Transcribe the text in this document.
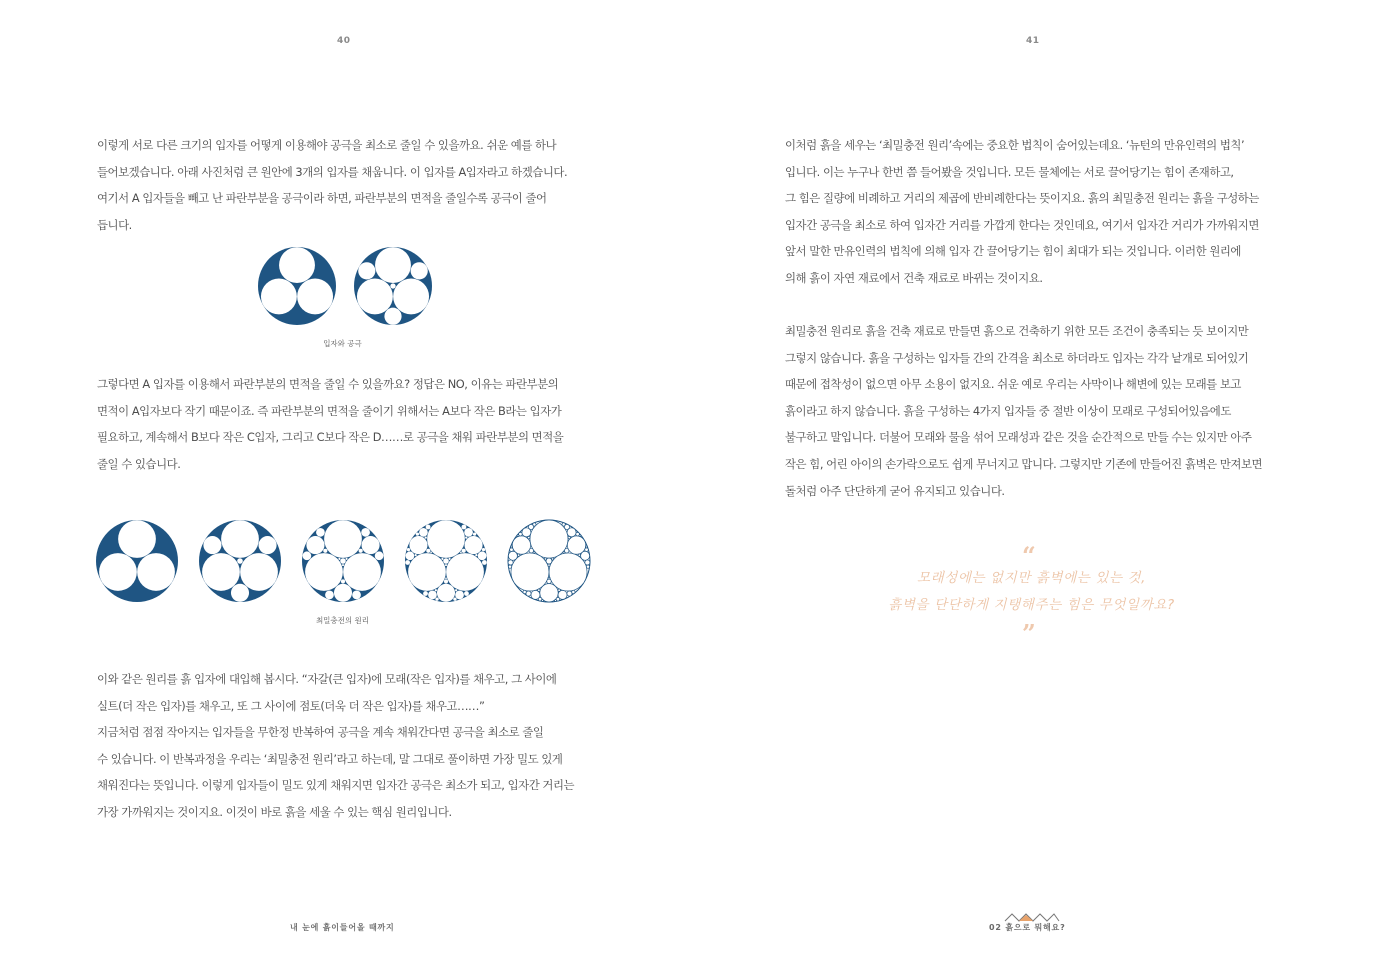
40
이렇게 서로 다른 크기의 입자를 어떻게 이용해야 공극을 최소로 줄일 수 있을까요. 쉬운 예를 하나
들어보겠습니다. 아래 사진처럼 큰 원안에 3개의 입자를 채웁니다. 이 입자를 A입자라고 하겠습니다.
여기서 A 입자들을 빼고 난 파란부분을 공극이라 하면, 파란부분의 면적을 줄일수록 공극이 줄어
듭니다.
입자와 공극
그렇다면 A 입자를 이용해서 파란부분의 면적을 줄일 수 있을까요? 정답은 NO, 이유는 파란부분의
면적이 A입자보다 작기 때문이죠. 즉 파란부분의 면적을 줄이기 위해서는 A보다 작은 B라는 입자가
필요하고, 계속해서 B보다 작은 C입자, 그리고 C보다 작은 D……로 공극을 채워 파란부분의 면적을
줄일 수 있습니다.
최밀충전의 원리
이와 같은 원리를 흙 입자에 대입해 봅시다. “자갈(큰 입자)에 모래(작은 입자)를 채우고, 그 사이에
실트(더 작은 입자)를 채우고, 또 그 사이에 점토(더욱 더 작은 입자)를 채우고……”
지금처럼 점점 작아지는 입자들을 무한정 반복하여 공극을 계속 채워간다면 공극을 최소로 줄일
수 있습니다. 이 반복과정을 우리는 ‘최밀충전 원리’라고 하는데, 말 그대로 풀이하면 가장 밀도 있게
채워진다는 뜻입니다. 이렇게 입자들이 밀도 있게 채워지면 입자간 공극은 최소가 되고, 입자간 거리는
가장 가까워지는 것이지요. 이것이 바로 흙을 세울 수 있는 핵심 원리입니다.
내 눈에 흙이들어올 때까지
41
이처럼 흙을 세우는 ‘최밀충전 원리’속에는 중요한 법칙이 숨어있는데요. ‘뉴턴의 만유인력의 법칙’
입니다. 이는 누구나 한번 쯤 들어봤을 것입니다. 모든 물체에는 서로 끌어당기는 힘이 존재하고,
그 힘은 질량에 비례하고 거리의 제곱에 반비례한다는 뜻이지요. 흙의 최밀충전 원리는 흙을 구성하는
입자간 공극을 최소로 하여 입자간 거리를 가깝게 한다는 것인데요, 여기서 입자간 거리가 가까워지면
앞서 말한 만유인력의 법칙에 의해 입자 간 끌어당기는 힘이 최대가 되는 것입니다. 이러한 원리에
의해 흙이 자연 재료에서 건축 재료로 바뀌는 것이지요.
최밀충전 원리로 흙을 건축 재료로 만들면 흙으로 건축하기 위한 모든 조건이 충족되는 듯 보이지만
그렇지 않습니다. 흙을 구성하는 입자들 간의 간격을 최소로 하더라도 입자는 각각 낱개로 되어있기
때문에 접착성이 없으면 아무 소용이 없지요. 쉬운 예로 우리는 사막이나 해변에 있는 모래를 보고
흙이라고 하지 않습니다. 흙을 구성하는 4가지 입자들 중 절반 이상이 모래로 구성되어있음에도
불구하고 말입니다. 더불어 모래와 물을 섞어 모래성과 같은 것을 순간적으로 만들 수는 있지만 아주
작은 힘, 어린 아이의 손가락으로도 쉽게 무너지고 맙니다. 그렇지만 기존에 만들어진 흙벽은 만져보면
돌처럼 아주 단단하게 굳어 유지되고 있습니다.
“
모래성에는 없지만 흙벽에는 있는 것,
흙벽을 단단하게 지탱해주는 힘은 무엇일까요?
”
02 흙으로 뭐해요?
